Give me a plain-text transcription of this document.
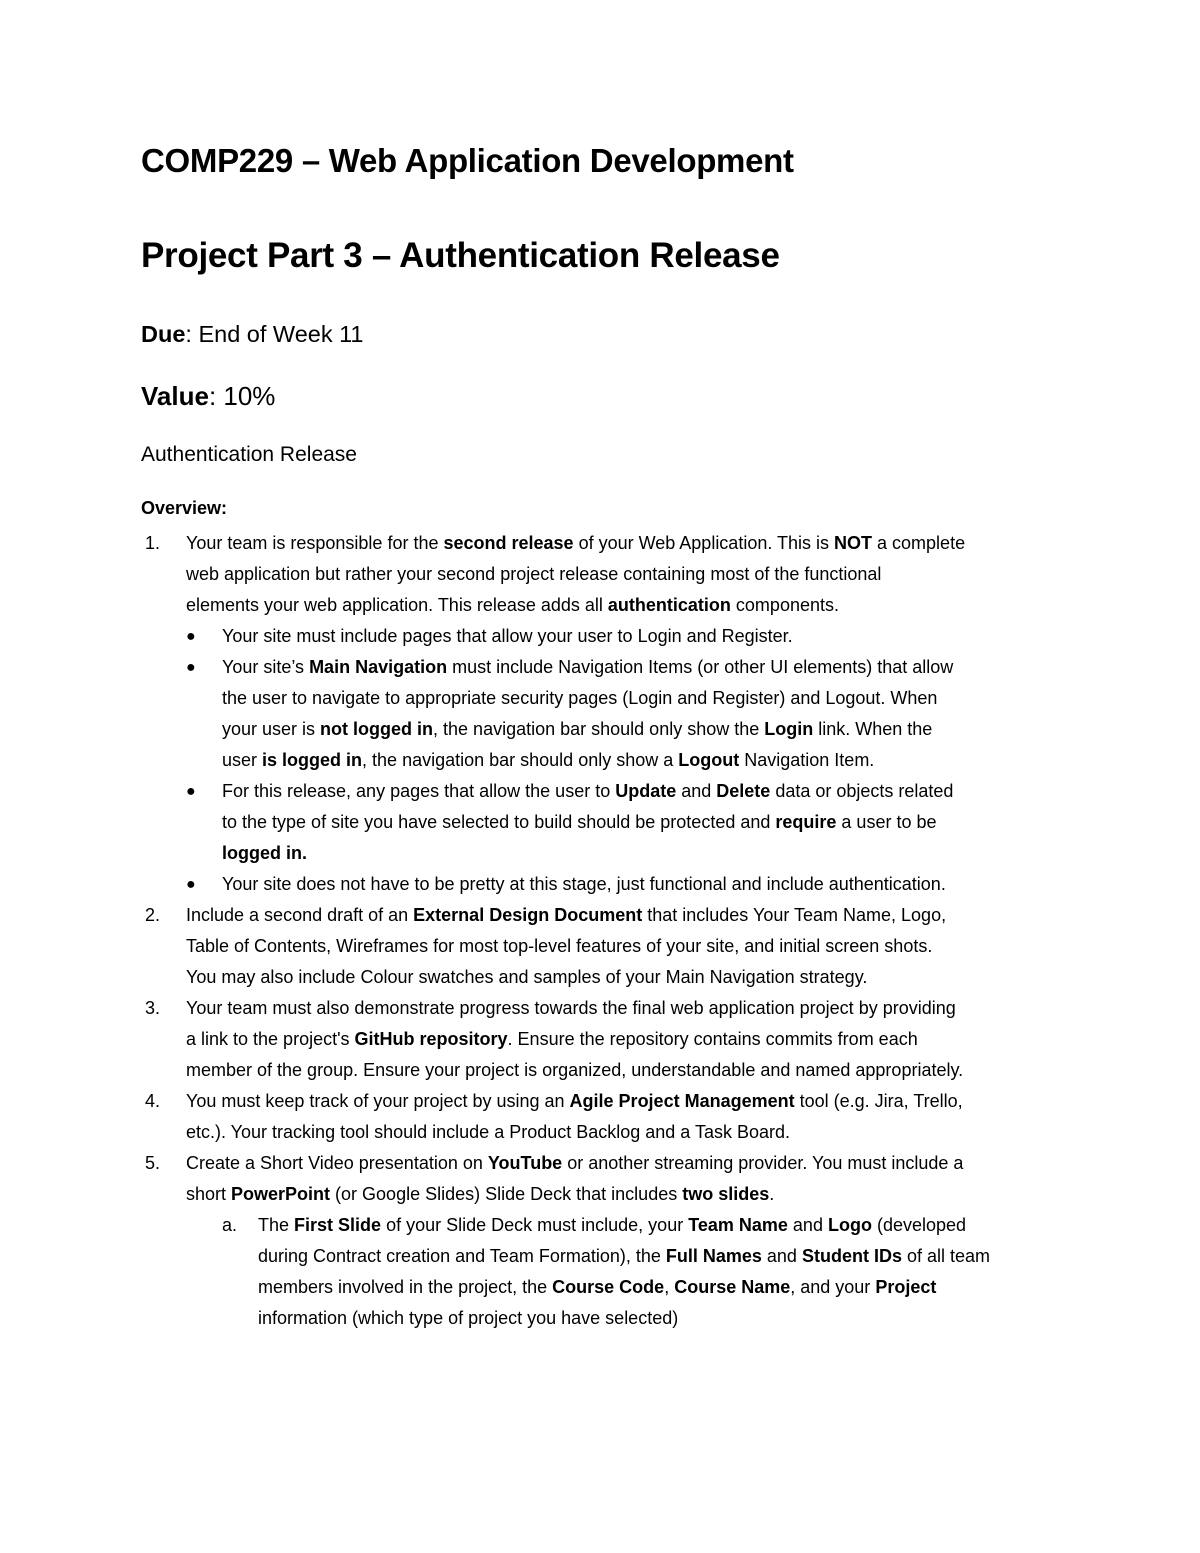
COMP229 – Web Application Development
Project Part 3 – Authentication Release

Due: End of Week 11

Value: 10%

Authentication Release
Overview:
1. Your team is responsible for the second release of your Web Application. This is NOT a complete
web application but rather your second project release containing most of the functional
elements your web application. This release adds all authentication components.
● Your site must include pages that allow your user to Login and Register.
● Your site’s Main Navigation must include Navigation Items (or other UI elements) that allow
the user to navigate to appropriate security pages (Login and Register) and Logout. When
your user is not logged in, the navigation bar should only show the Login link. When the
user is logged in, the navigation bar should only show a Logout Navigation Item.
● For this release, any pages that allow the user to Update and Delete data or objects related
to the type of site you have selected to build should be protected and require a user to be
logged in.
● Your site does not have to be pretty at this stage, just functional and include authentication.
2. Include a second draft of an External Design Document that includes Your Team Name, Logo,
Table of Contents, Wireframes for most top-level features of your site, and initial screen shots.
You may also include Colour swatches and samples of your Main Navigation strategy.
3. Your team must also demonstrate progress towards the final web application project by providing
a link to the project's GitHub repository. Ensure the repository contains commits from each
member of the group. Ensure your project is organized, understandable and named appropriately.
4. You must keep track of your project by using an Agile Project Management tool (e.g. Jira, Trello,
etc.). Your tracking tool should include a Product Backlog and a Task Board.
5. Create a Short Video presentation on YouTube or another streaming provider. You must include a
short PowerPoint (or Google Slides) Slide Deck that includes two slides.
a. The First Slide of your Slide Deck must include, your Team Name and Logo (developed
during Contract creation and Team Formation), the Full Names and Student IDs of all team
members involved in the project, the Course Code, Course Name, and your Project
information (which type of project you have selected)
